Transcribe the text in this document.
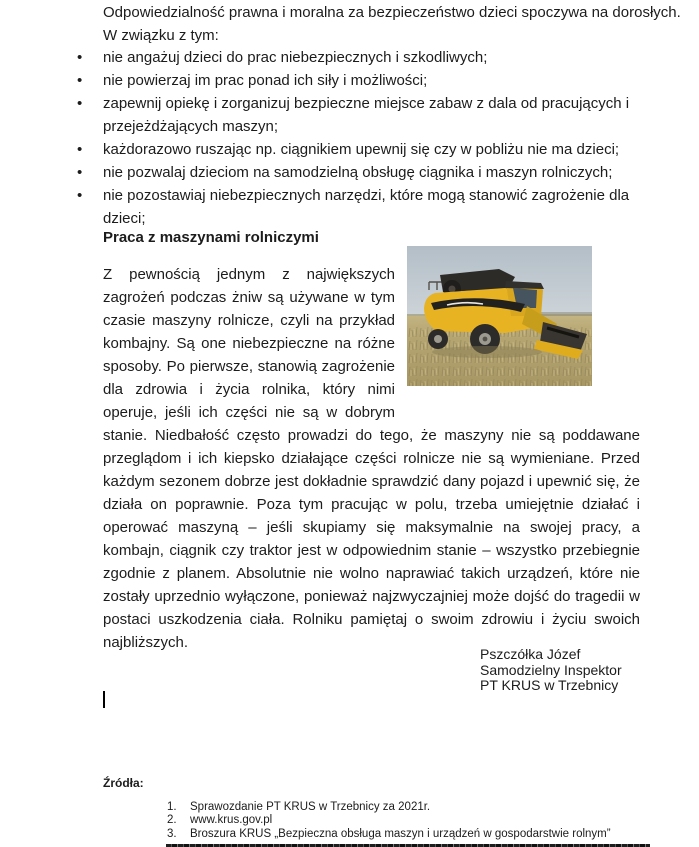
Odpowiedzialność prawna i moralna za bezpieczeństwo dzieci spoczywa na dorosłych.
W związku z tym:
• nie angażuj dzieci do prac niebezpiecznych i szkodliwych;
• nie powierzaj im prac ponad ich siły i możliwości;
• zapewnij opiekę i zorganizuj bezpieczne miejsce zabaw z dala od pracujących i przejeżdżających maszyn;
• każdorazowo ruszając np. ciągnikiem upewnij się czy w pobliżu nie ma dzieci;
• nie pozwalaj dzieciom na samodzielną obsługę ciągnika i maszyn rolniczych;
• nie pozostawiaj niebezpiecznych narzędzi, które mogą stanowić zagrożenie dla dzieci;
Praca z maszynami rolniczymi
Z pewnością jednym z największych zagrożeń podczas żniw są używane w tym czasie maszyny rolnicze, czyli na przykład kombajny. Są one niebezpieczne na różne sposoby. Po pierwsze, stanowią zagrożenie dla zdrowia i życia rolnika, który nimi operuje, jeśli ich części nie są w dobrym stanie. Niedbałość często prowadzi do tego, że maszyny nie są poddawane przeglądom i ich kiepsko działające części rolnicze nie są wymieniane. Przed każdym sezonem dobrze jest dokładnie sprawdzić dany pojazd i upewnić się, że działa on poprawnie. Poza tym pracując w polu, trzeba umiejętnie działać i operować maszyną – jeśli skupiamy się maksymalnie na swojej pracy, a kombajn, ciągnik czy traktor jest w odpowiednim stanie – wszystko przebiegnie zgodnie z planem. Absolutnie nie wolno naprawiać takich urządzeń, które nie zostały uprzednio wyłączone, ponieważ najzwyczajniej może dojść do tragedii w postaci uszkodzenia ciała. Rolniku pamiętaj o swoim zdrowiu i życiu swoich najbliższych.
Pszczółka Józef
Samodzielny Inspektor
PT KRUS w Trzebnicy
Źródła:
1. Sprawozdanie PT KRUS w Trzebnicy za 2021r.
2. www.krus.gov.pl
3. Broszura KRUS „Bezpieczna obsługa maszyn i urządzeń w gospodarstwie rolnym”
